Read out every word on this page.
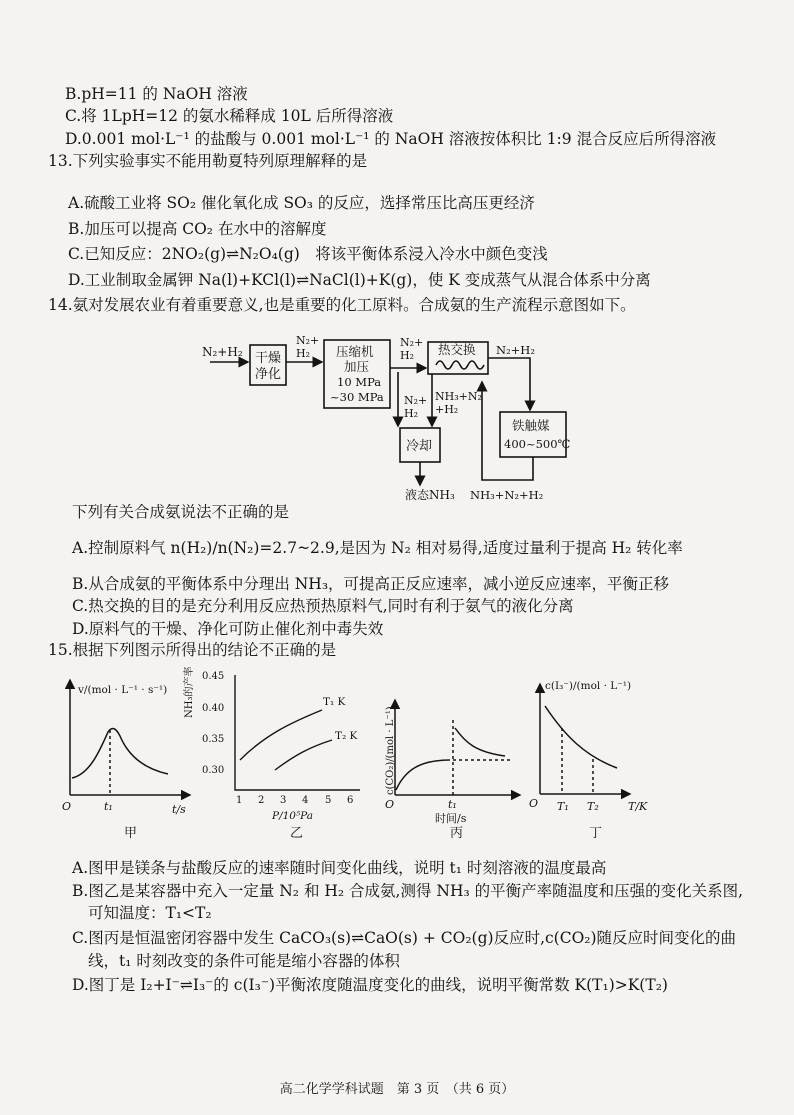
B.pH=11 的 NaOH 溶液
C.将 1LpH=12 的氨水稀释成 10L 后所得溶液
D.0.001 mol·L⁻¹ 的盐酸与 0.001 mol·L⁻¹ 的 NaOH 溶液按体积比 1:9 混合反应后所得溶液
13.下列实验事实不能用勒夏特列原理解释的是
A.硫酸工业将 SO₂ 催化氧化成 SO₃ 的反应，选择常压比高压更经济
B.加压可以提高 CO₂ 在水中的溶解度
C.已知反应：2NO₂(g)⇌N₂O₄(g)　将该平衡体系浸入冷水中颜色变浅
D.工业制取金属钾 Na(l)+KCl(l)⇌NaCl(l)+K(g)，使 K 变成蒸气从混合体系中分离
14.氨对发展农业有着重要意义,也是重要的化工原料。合成氨的生产流程示意图如下。
N₂+H₂ 干燥
净化
N₂+
H₂ 压缩机
加压
10 MPa
~30 MPa
N₂+
H₂ 热交换 N₂+H₂
N₂+
H₂
NH₃+N₂
+H₂
冷却
铁触媒
400~500℃
液态NH₃ NH₃+N₂+H₂
下列有关合成氨说法不正确的是
A.控制原料气 n(H₂)/n(N₂)=2.7~2.9,是因为 N₂ 相对易得,适度过量利于提高 H₂ 转化率
B.从合成氨的平衡体系中分理出 NH₃，可提高正反应速率，减小逆反应速率，平衡正移
C.热交换的目的是充分利用反应热预热原料气,同时有利于氨气的液化分离
D.原料气的干燥、净化可防止催化剂中毒失效
15.根据下列图示所得出的结论不正确的是
v/(mol · L⁻¹ · s⁻¹)
t/s
O	t₁
甲
NH₃的产率 0.45
0.40
0.35
0.30
1 2 3 4 5 6
P/10⁵Pa
T₁ K
T₂ K
乙
c(CO₂)/(mol · L⁻¹)
O	t₁
时间/s
丙
c(I₃⁻)/(mol · L⁻¹)
O T₁ T₂	T/K
丁
A.图甲是镁条与盐酸反应的速率随时间变化曲线，说明 t₁ 时刻溶液的温度最高
B.图乙是某容器中充入一定量 N₂ 和 H₂ 合成氨,测得 NH₃ 的平衡产率随温度和压强的变化关系图,
可知温度：T₁<T₂
C.图丙是恒温密闭容器中发生 CaCO₃(s)⇌CaO(s) + CO₂(g)反应时,c(CO₂)随反应时间变化的曲
线，t₁ 时刻改变的条件可能是缩小容器的体积
D.图丁是 I₂+I⁻⇌I₃⁻的 c(I₃⁻)平衡浓度随温度变化的曲线，说明平衡常数 K(T₁)>K(T₂)
高二化学学科试题　第 3 页　（共 6 页）
